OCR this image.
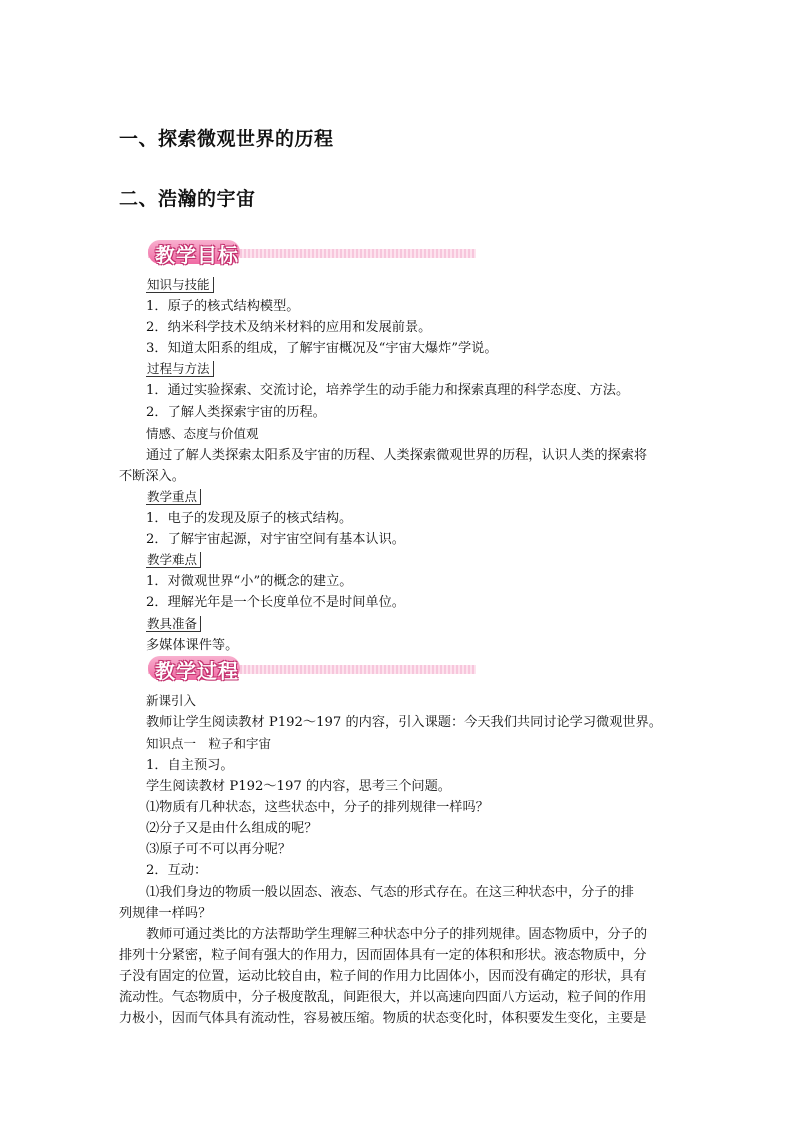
一、探索微观世界的历程
二、浩瀚的宇宙

教学目标

知识与技能

1．原子的核式结构模型。

2．纳米科学技术及纳米材料的应用和发展前景。

3．知道太阳系的组成，了解宇宙概况及“宇宙大爆炸”学说。

过程与方法

1．通过实验探索、交流讨论，培养学生的动手能力和探索真理的科学态度、方法。

2．了解人类探索宇宙的历程。

情感、态度与价值观

通过了解人类探索太阳系及宇宙的历程、人类探索微观世界的历程，认识人类的探索将

不断深入。

教学重点

1．电子的发现及原子的核式结构。

2．了解宇宙起源，对宇宙空间有基本认识。

教学难点

1．对微观世界“小”的概念的建立。

2．理解光年是一个长度单位不是时间单位。

教具准备

多媒体课件等。

新课引入

教师让学生阅读教材 P192～197 的内容，引入课题：今天我们共同讨论学习微观世界。

知识点一　粒子和宇宙

1．自主预习。

学生阅读教材 P192～197 的内容，思考三个问题。

⑴物质有几种状态，这些状态中，分子的排列规律一样吗？

⑵分子又是由什么组成的呢？

⑶原子可不可以再分呢？

2．互动：

⑴我们身边的物质一般以固态、液态、气态的形式存在。在这三种状态中，分子的排

列规律一样吗？

教师可通过类比的方法帮助学生理解三种状态中分子的排列规律。固态物质中，分子的

排列十分紧密，粒子间有强大的作用力，因而固体具有一定的体积和形状。液态物质中，分

子没有固定的位置，运动比较自由，粒子间的作用力比固体小，因而没有确定的形状，具有

流动性。气态物质中，分子极度散乱，间距很大，并以高速向四面八方运动，粒子间的作用

力极小，因而气体具有流动性，容易被压缩。物质的状态变化时，体积要发生变化，主要是

教学过程
